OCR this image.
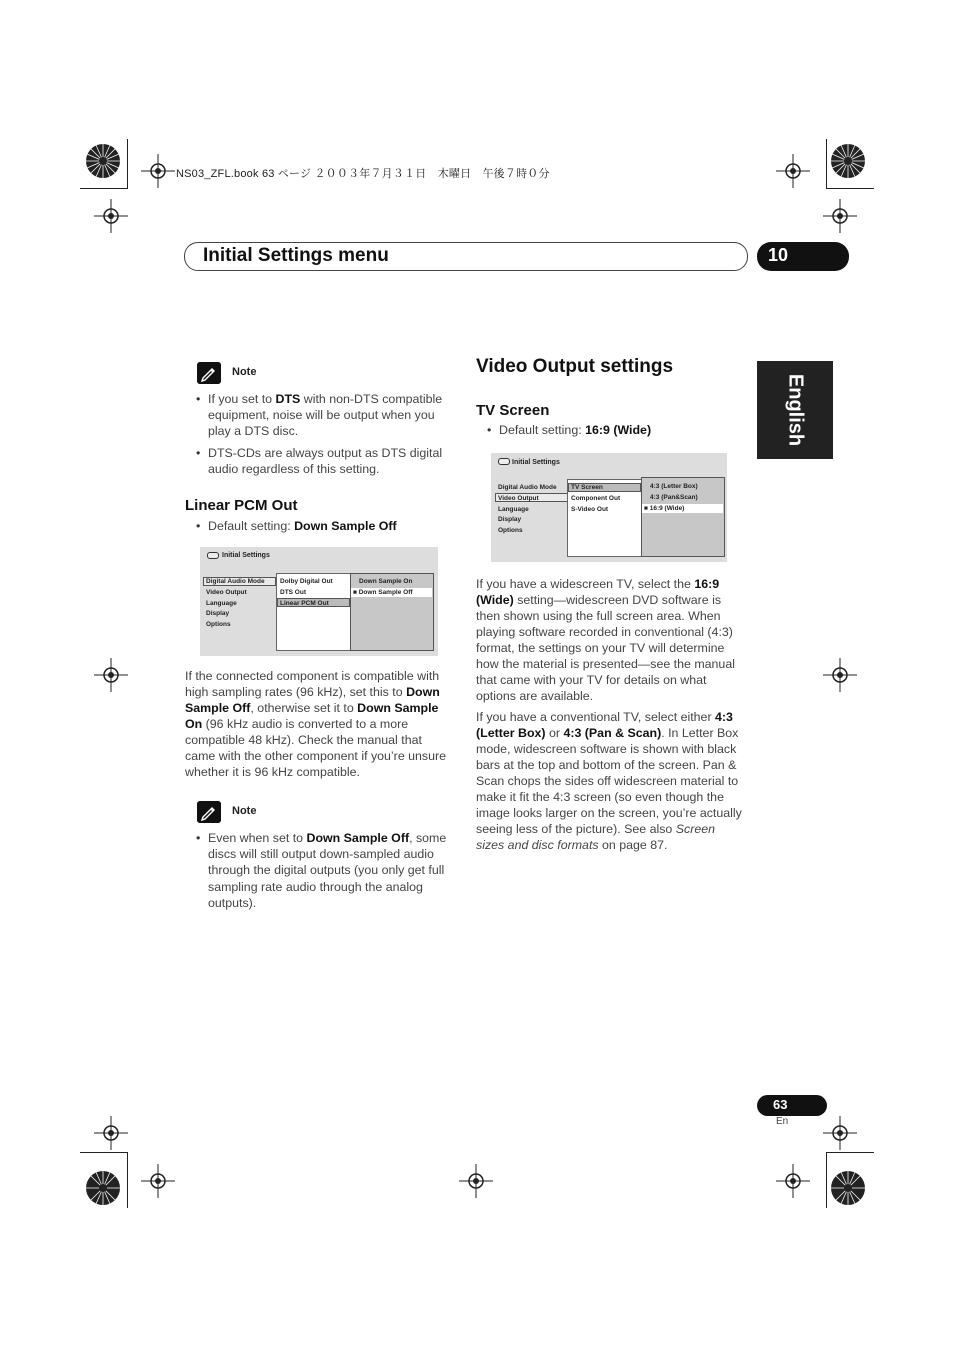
NS03_ZFL.book 63 ページ ２００３年７月３１日　木曜日　午後７時０分
Initial Settings menu	10
English
Note
• If you set to DTS with non-DTS compatible equipment, noise will be output when you play a DTS disc.
• DTS-CDs are always output as DTS digital audio regardless of this setting.
Linear PCM Out
• Default setting: Down Sample Off
Initial Settings
Digital Audio Mode
Video Output
Language
Display
Options
Dolby Digital Out
DTS Out
Linear PCM Out
Down Sample On
■ Down Sample Off
If the connected component is compatible with high sampling rates (96 kHz), set this to Down Sample Off, otherwise set it to Down Sample On (96 kHz audio is converted to a more compatible 48 kHz). Check the manual that came with the other component if you’re unsure whether it is 96 kHz compatible.
Note
• Even when set to Down Sample Off, some discs will still output down-sampled audio through the digital outputs (you only get full sampling rate audio through the analog outputs).
Video Output settings
TV Screen
• Default setting: 16:9 (Wide)
Initial Settings
Digital Audio Mode
Video Output
Language
Display
Options
TV Screen
Component Out
S-Video Out
4:3 (Letter Box)
4:3 (Pan&Scan)
■ 16:9 (Wide)
If you have a widescreen TV, select the 16:9 (Wide) setting—widescreen DVD software is then shown using the full screen area. When playing software recorded in conventional (4:3) format, the settings on your TV will determine how the material is presented—see the manual that came with your TV for details on what options are available.
If you have a conventional TV, select either 4:3 (Letter Box) or 4:3 (Pan & Scan). In Letter Box mode, widescreen software is shown with black bars at the top and bottom of the screen. Pan & Scan chops the sides off widescreen material to make it fit the 4:3 screen (so even though the image looks larger on the screen, you’re actually seeing less of the picture). See also Screen sizes and disc formats on page 87.
63
En
